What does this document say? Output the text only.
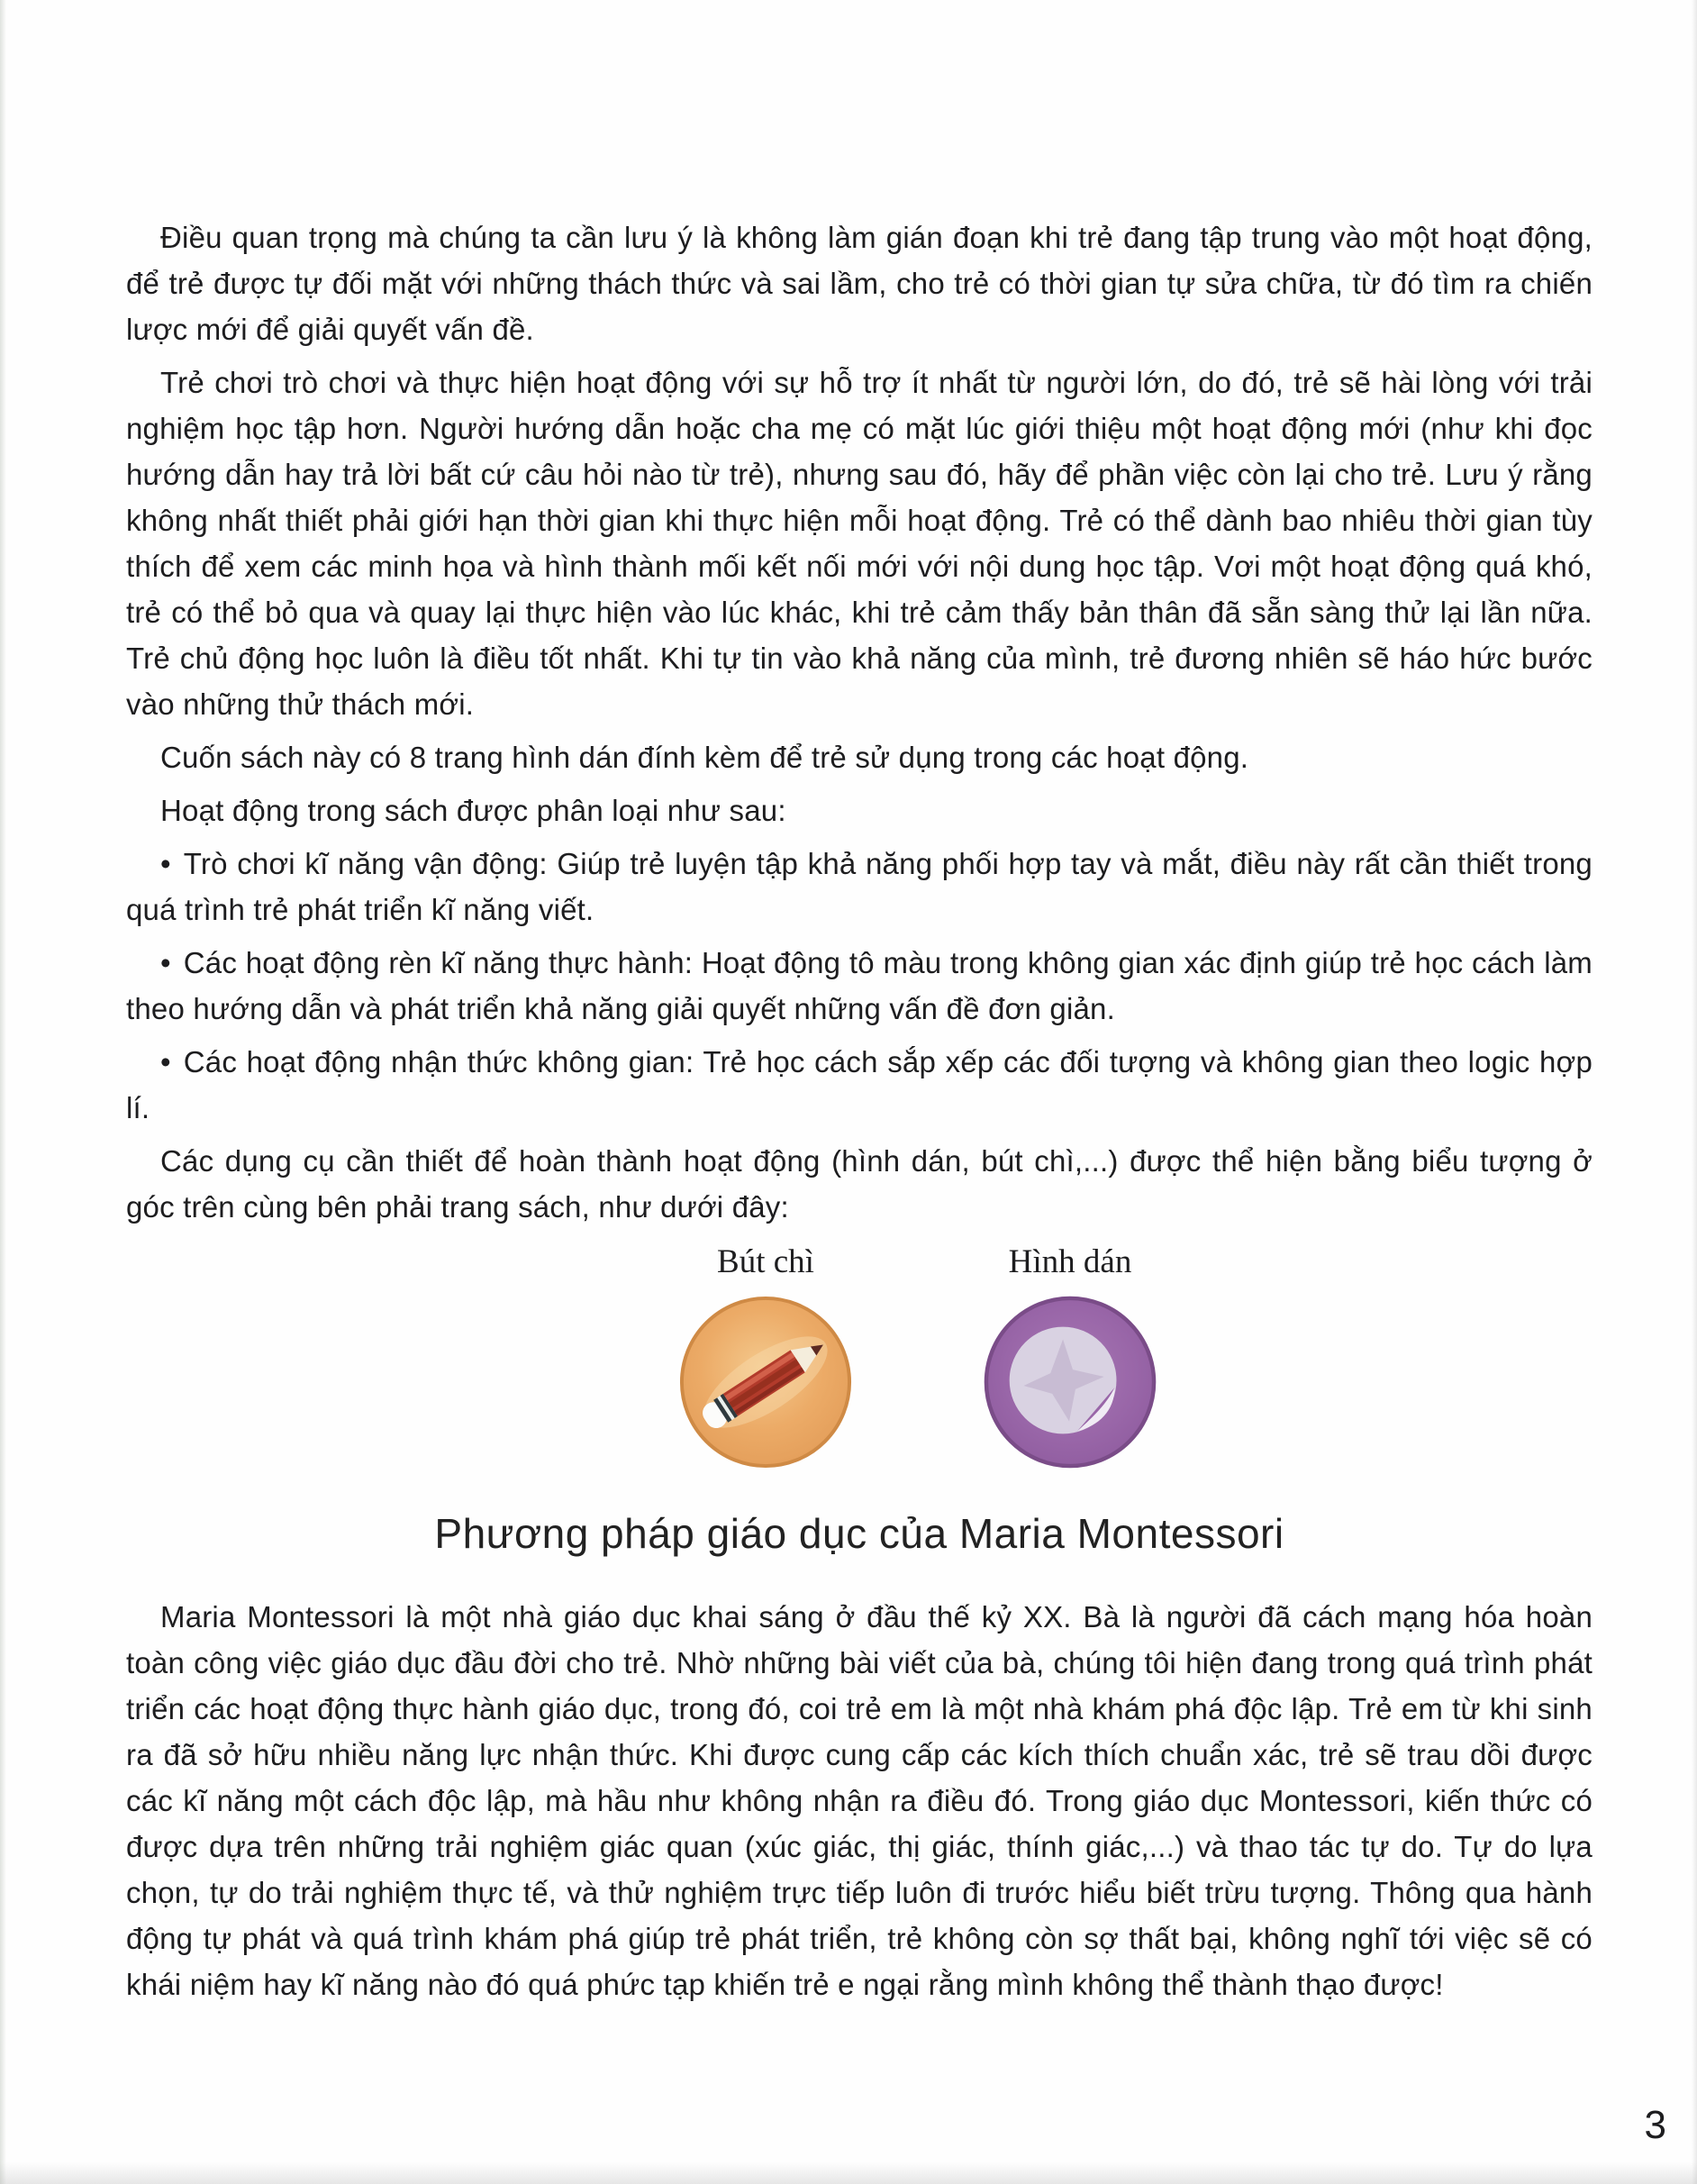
Điều quan trọng mà chúng ta cần lưu ý là không làm gián đoạn khi trẻ đang tập trung vào một hoạt động, để trẻ được tự đối mặt với những thách thức và sai lầm, cho trẻ có thời gian tự sửa chữa, từ đó tìm ra chiến lược mới để giải quyết vấn đề.

Trẻ chơi trò chơi và thực hiện hoạt động với sự hỗ trợ ít nhất từ người lớn, do đó, trẻ sẽ hài lòng với trải nghiệm học tập hơn. Người hướng dẫn hoặc cha mẹ có mặt lúc giới thiệu một hoạt động mới (như khi đọc hướng dẫn hay trả lời bất cứ câu hỏi nào từ trẻ), nhưng sau đó, hãy để phần việc còn lại cho trẻ. Lưu ý rằng không nhất thiết phải giới hạn thời gian khi thực hiện mỗi hoạt động. Trẻ có thể dành bao nhiêu thời gian tùy thích để xem các minh họa và hình thành mối kết nối mới với nội dung học tập. Vơi một hoạt động quá khó, trẻ có thể bỏ qua và quay lại thực hiện vào lúc khác, khi trẻ cảm thấy bản thân đã sẵn sàng thử lại lần nữa. Trẻ chủ động học luôn là điều tốt nhất. Khi tự tin vào khả năng của mình, trẻ đương nhiên sẽ háo hức bước vào những thử thách mới.

Cuốn sách này có 8 trang hình dán đính kèm để trẻ sử dụng trong các hoạt động.

Hoạt động trong sách được phân loại như sau:

• Trò chơi kĩ năng vận động: Giúp trẻ luyện tập khả năng phối hợp tay và mắt, điều này rất cần thiết trong quá trình trẻ phát triển kĩ năng viết.

• Các hoạt động rèn kĩ năng thực hành: Hoạt động tô màu trong không gian xác định giúp trẻ học cách làm theo hướng dẫn và phát triển khả năng giải quyết những vấn đề đơn giản.

• Các hoạt động nhận thức không gian: Trẻ học cách sắp xếp các đối tượng và không gian theo logic hợp lí.

Các dụng cụ cần thiết để hoàn thành hoạt động (hình dán, bút chì,...) được thể hiện bằng biểu tượng ở góc trên cùng bên phải trang sách, như dưới đây:

Bút chì	Hình dán
Phương pháp giáo dục của Maria Montessori

Maria Montessori là một nhà giáo dục khai sáng ở đầu thế kỷ XX. Bà là người đã cách mạng hóa hoàn toàn công việc giáo dục đầu đời cho trẻ. Nhờ những bài viết của bà, chúng tôi hiện đang trong quá trình phát triển các hoạt động thực hành giáo dục, trong đó, coi trẻ em là một nhà khám phá độc lập. Trẻ em từ khi sinh ra đã sở hữu nhiều năng lực nhận thức. Khi được cung cấp các kích thích chuẩn xác, trẻ sẽ trau dồi được các kĩ năng một cách độc lập, mà hầu như không nhận ra điều đó. Trong giáo dục Montessori, kiến thức có được dựa trên những trải nghiệm giác quan (xúc giác, thị giác, thính giác,...) và thao tác tự do. Tự do lựa chọn, tự do trải nghiệm thực tế, và thử nghiệm trực tiếp luôn đi trước hiểu biết trừu tượng. Thông qua hành động tự phát và quá trình khám phá giúp trẻ phát triển, trẻ không còn sợ thất bại, không nghĩ tới việc sẽ có khái niệm hay kĩ năng nào đó quá phức tạp khiến trẻ e ngại rằng mình không thể thành thạo được!

3
